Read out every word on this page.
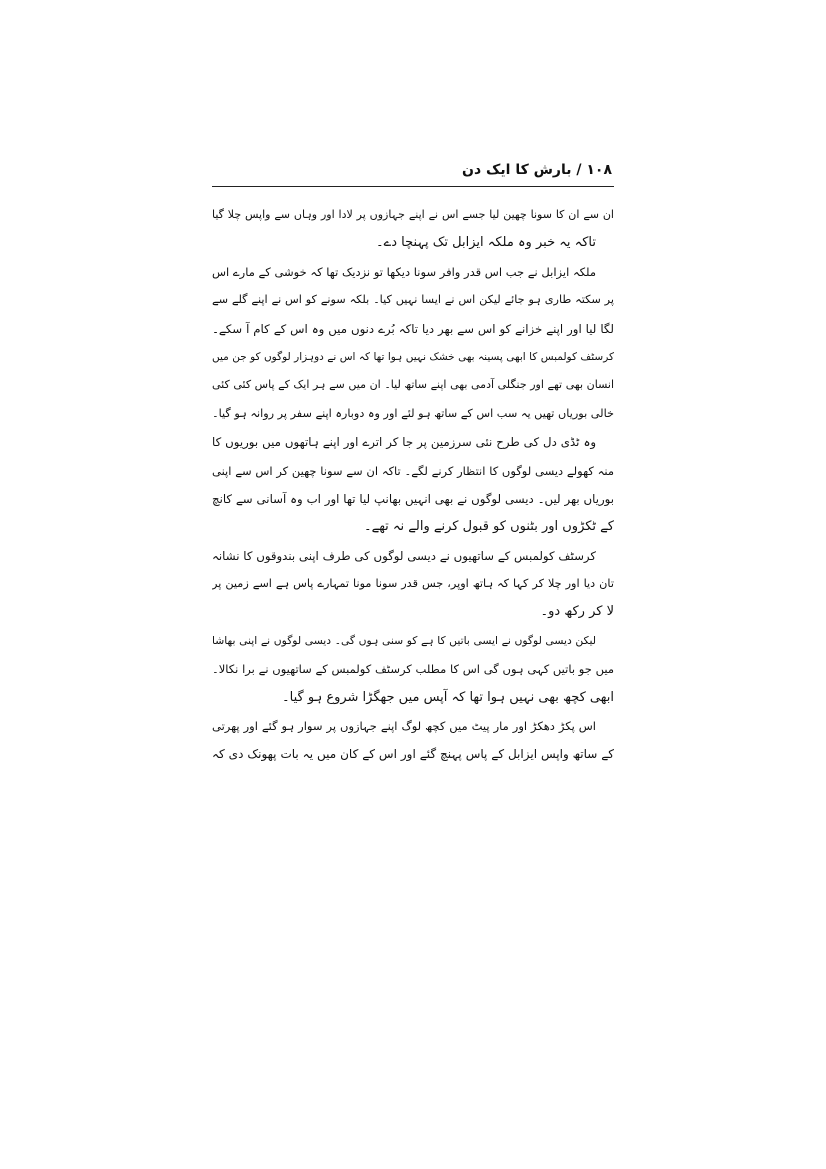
۱۰۸ / بارش کا ایک دن
ان سے ان کا سونا چھین لیا جسے اس نے اپنے جہازوں پر لادا اور وہاں سے واپس چلا گیا
تاکہ یہ خبر وہ ملکہ ایزابل تک پہنچا دے۔
ملکہ ایزابل نے جب اس قدر وافر سونا دیکھا تو نزدیک تھا کہ خوشی کے مارے اس
پر سکتہ طاری ہو جائے لیکن اس نے ایسا نہیں کیا۔ بلکہ سونے کو اس نے اپنے گلے سے
لگا لیا اور اپنے خزانے کو اس سے بھر دیا تاکہ بُرے دنوں میں وہ اس کے کام آ سکے۔
کرسٹف کولمبس کا ابھی پسینہ بھی خشک نہیں ہوا تھا کہ اس نے دوہزار لوگوں کو جن میں
انسان بھی تھے اور جنگلی آدمی بھی اپنے ساتھ لیا۔ ان میں سے ہر ایک کے پاس کئی کئی
خالی بوریاں تھیں یہ سب اس کے ساتھ ہو لئے اور وہ دوبارہ اپنے سفر پر روانہ ہو گیا۔
وہ ٹڈی دل کی طرح نئی سرزمین پر جا کر اترے اور اپنے ہاتھوں میں بوریوں کا
منہ کھولے دیسی لوگوں کا انتظار کرنے لگے۔ تاکہ ان سے سونا چھین کر اس سے اپنی
بوریاں بھر لیں۔ دیسی لوگوں نے بھی انہیں بھانپ لیا تھا اور اب وہ آسانی سے کانچ
کے ٹکڑوں اور بٹنوں کو قبول کرنے والے نہ تھے۔
کرسٹف کولمبس کے ساتھیوں نے دیسی لوگوں کی طرف اپنی بندوقوں کا نشانہ
تان دیا اور چلا کر کہا کہ ہاتھ اوپر، جس قدر سونا مونا تمہارے پاس ہے اسے زمین پر
لا کر رکھ دو۔
لیکن دیسی لوگوں نے ایسی باتیں کا ہے کو سنی ہوں گی۔ دیسی لوگوں نے اپنی بھاشا
میں جو باتیں کہی ہوں گی اس کا مطلب کرسٹف کولمبس کے ساتھیوں نے برا نکالا۔
ابھی کچھ بھی نہیں ہوا تھا کہ آپس میں جھگڑا شروع ہو گیا۔
اس پکڑ دھکڑ اور مار پیٹ میں کچھ لوگ اپنے جہازوں پر سوار ہو گئے اور پھرتی
کے ساتھ واپس ایزابل کے پاس پہنچ گئے اور اس کے کان میں یہ بات پھونک دی کہ
